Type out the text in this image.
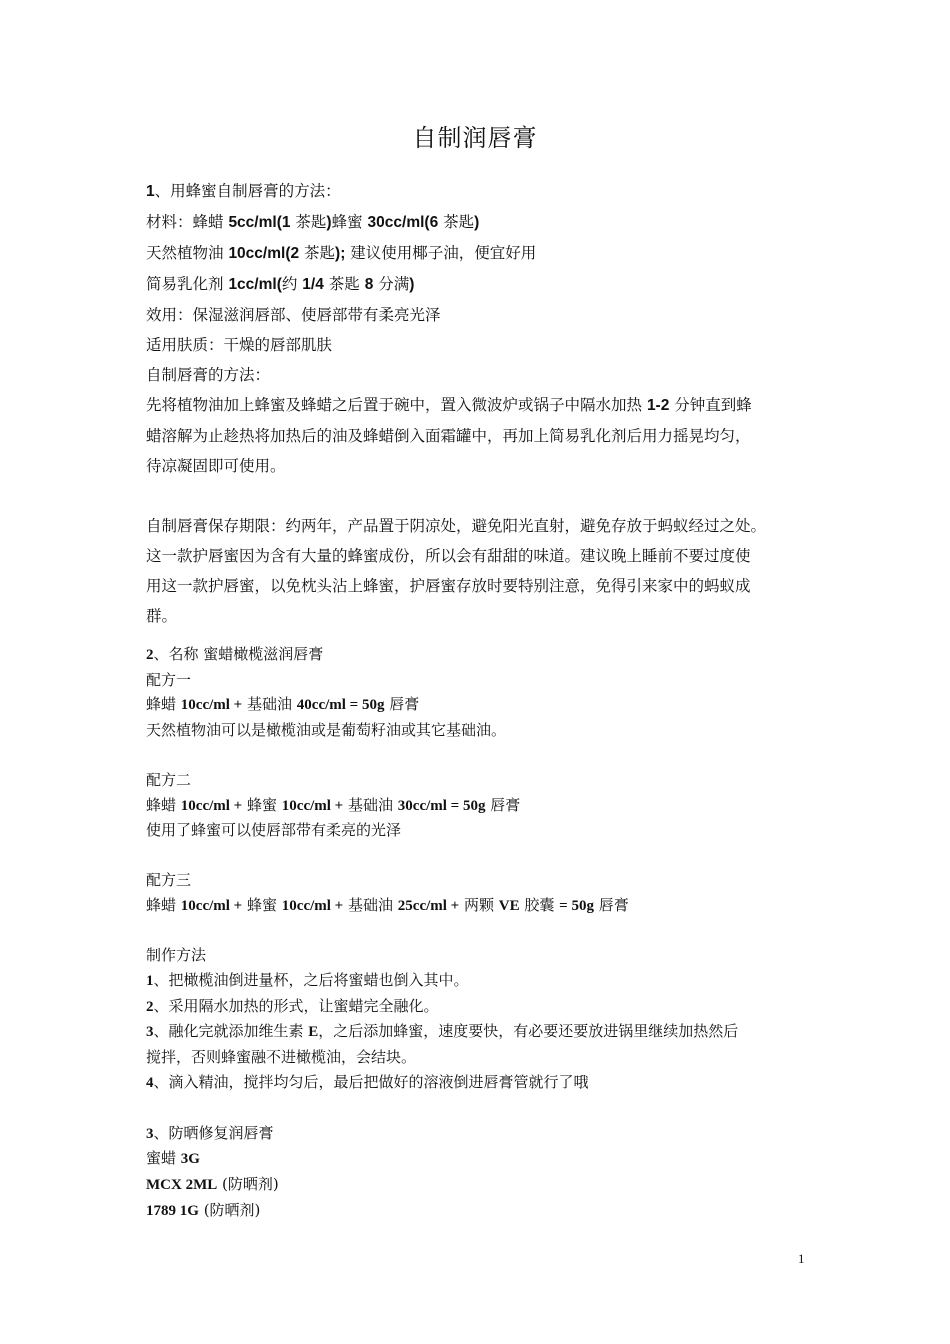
自制润唇膏

1、用蜂蜜自制唇膏的方法：

材料：蜂蜡 5cc/ml(1 茶匙)蜂蜜 30cc/ml(6 茶匙)

天然植物油 10cc/ml(2 茶匙); 建议使用椰子油，便宜好用

简易乳化剂 1cc/ml(约 1/4 茶匙 8 分满)

效用：保湿滋润唇部、使唇部带有柔亮光泽

适用肤质：干燥的唇部肌肤

自制唇膏的方法：

先将植物油加上蜂蜜及蜂蜡之后置于碗中，置入微波炉或锅子中隔水加热 1-2 分钟直到蜂

蜡溶解为止趁热将加热后的油及蜂蜡倒入面霜罐中，再加上简易乳化剂后用力摇晃均匀，

待凉凝固即可使用。

自制唇膏保存期限：约两年，产品置于阴凉处，避免阳光直射，避免存放于蚂蚁经过之处。

这一款护唇蜜因为含有大量的蜂蜜成份，所以会有甜甜的味道。建议晚上睡前不要过度使

用这一款护唇蜜，以免枕头沾上蜂蜜，护唇蜜存放时要特别注意，免得引来家中的蚂蚁成

群。

2、名称 蜜蜡橄榄滋润唇膏

配方一

蜂蜡 10cc/ml + 基础油 40cc/ml = 50g 唇膏

天然植物油可以是橄榄油或是葡萄籽油或其它基础油。

配方二

蜂蜡 10cc/ml + 蜂蜜 10cc/ml + 基础油 30cc/ml = 50g 唇膏

使用了蜂蜜可以使唇部带有柔亮的光泽

配方三

蜂蜡 10cc/ml + 蜂蜜 10cc/ml + 基础油 25cc/ml + 两颗 VE 胶囊 = 50g 唇膏

制作方法

1、把橄榄油倒进量杯，之后将蜜蜡也倒入其中。

2、采用隔水加热的形式，让蜜蜡完全融化。

3、融化完就添加维生素 E，之后添加蜂蜜，速度要快，有必要还要放进锅里继续加热然后

搅拌，否则蜂蜜融不进橄榄油，会结块。

4、滴入精油，搅拌均匀后，最后把做好的溶液倒进唇膏管就行了哦

3、防晒修复润唇膏

蜜蜡 3G

MCX 2ML (防晒剂)

1789 1G (防晒剂)

1
